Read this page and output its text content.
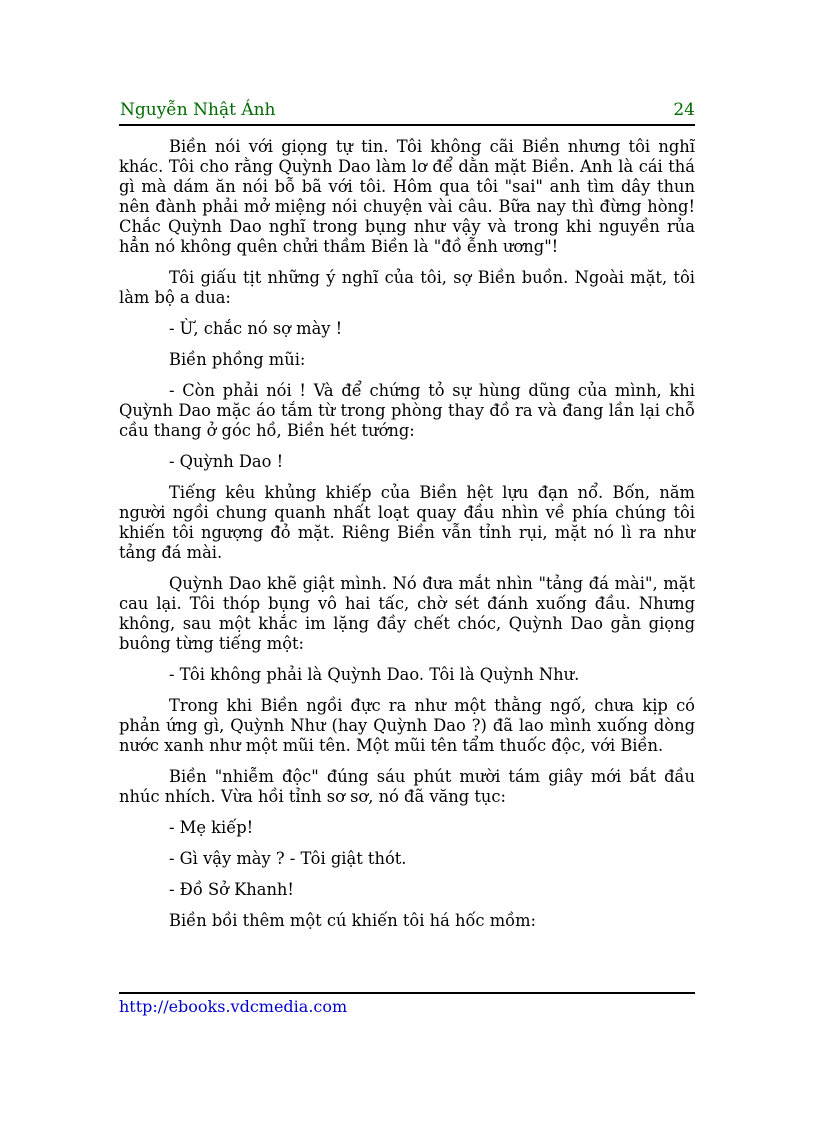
Nguyễn Nhật Ánh	24

Biền nói với giọng tự tin. Tôi không cãi Biền nhưng tôi nghĩ khác. Tôi cho rằng Quỳnh Dao làm lơ để dằn mặt Biền. Anh là cái thá gì mà dám ăn nói bỗ bã với tôi. Hôm qua tôi "sai" anh tìm dây thun nên đành phải mở miệng nói chuyện vài câu. Bữa nay thì đừng hòng! Chắc Quỳnh Dao nghĩ trong bụng như vậy và trong khi nguyền rủa hẳn nó không quên chửi thầm Biền là "đồ ễnh ương"!

Tôi giấu tịt những ý nghĩ của tôi, sợ Biền buồn. Ngoài mặt, tôi làm bộ a dua:

- Ừ, chắc nó sợ mày !

Biền phồng mũi:

- Còn phải nói ! Và để chứng tỏ sự hùng dũng của mình, khi Quỳnh Dao mặc áo tắm từ trong phòng thay đồ ra và đang lần lại chỗ cầu thang ở góc hồ, Biền hét tướng:

- Quỳnh Dao !

Tiếng kêu khủng khiếp của Biền hệt lựu đạn nổ. Bốn, năm người ngồi chung quanh nhất loạt quay đầu nhìn về phía chúng tôi khiến tôi ngượng đỏ mặt. Riêng Biền vẫn tỉnh rụi, mặt nó lì ra như tảng đá mài.

Quỳnh Dao khẽ giật mình. Nó đưa mắt nhìn "tảng đá mài", mặt cau lại. Tôi thóp bụng vô hai tấc, chờ sét đánh xuống đầu. Nhưng không, sau một khắc im lặng đầy chết chóc, Quỳnh Dao gằn giọng buông từng tiếng một:

- Tôi không phải là Quỳnh Dao. Tôi là Quỳnh Như.

Trong khi Biền ngồi đực ra như một thằng ngố, chưa kịp có phản ứng gì, Quỳnh Như (hay Quỳnh Dao ?) đã lao mình xuống dòng nước xanh như một mũi tên. Một mũi tên tẩm thuốc độc, với Biền.

Biền "nhiễm độc" đúng sáu phút mười tám giây mới bắt đầu nhúc nhích. Vừa hồi tỉnh sơ sơ, nó đã văng tục:

- Mẹ kiếp!

- Gì vậy mày ? - Tôi giật thót.

- Đồ Sở Khanh!

Biền bồi thêm một cú khiến tôi há hốc mồm:

http://ebooks.vdcmedia.com
